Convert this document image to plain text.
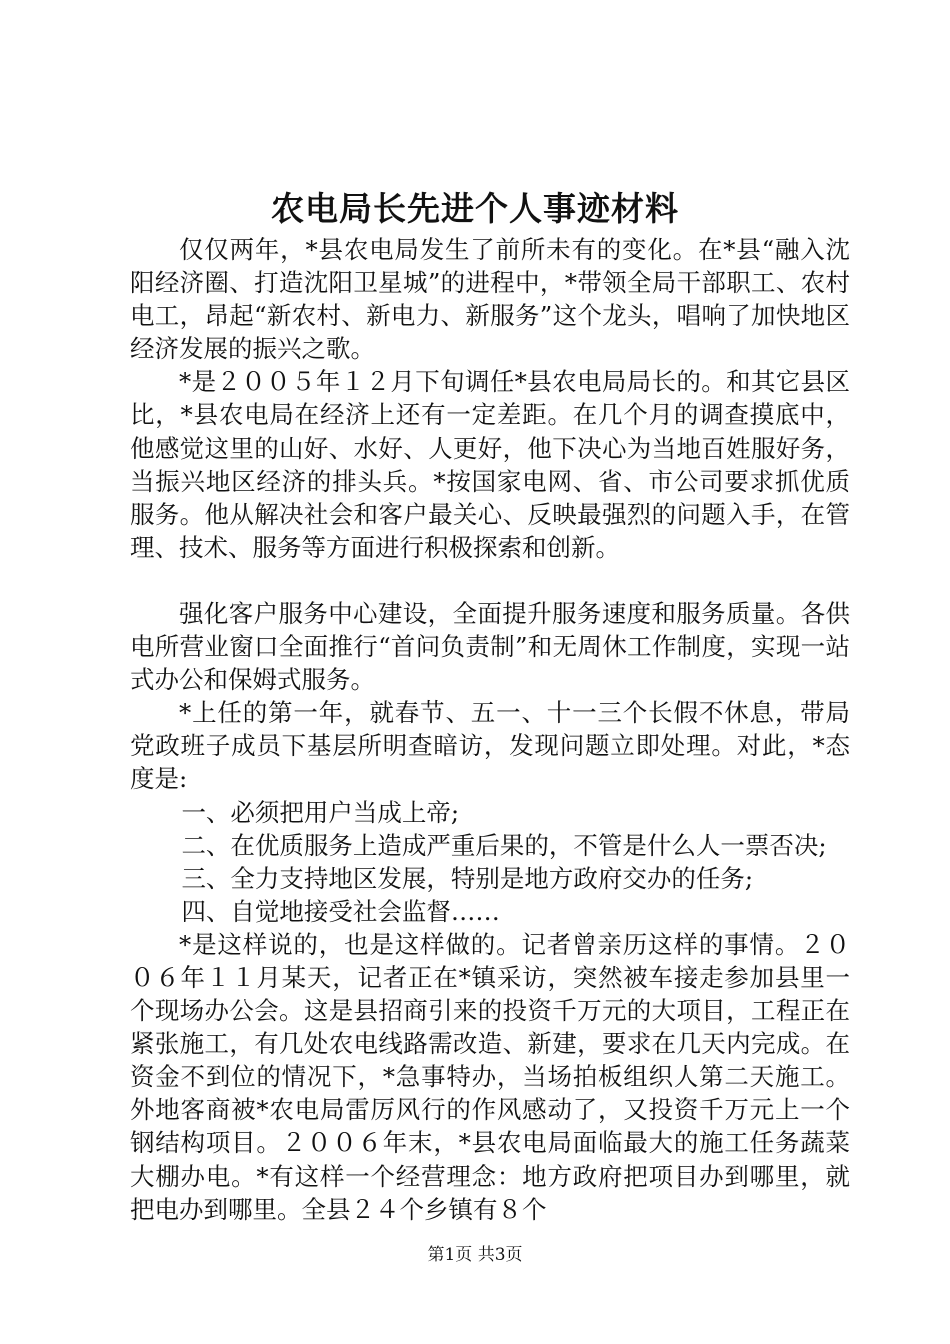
农电局长先进个人事迹材料

仅仅两年，*县农电局发生了前所未有的变化。在*县“融入沈阳经济圈、打造沈阳卫星城”的进程中，*带领全局干部职工、农村电工，昂起“新农村、新电力、新服务”这个龙头，唱响了加快地区经济发展的振兴之歌。

*是２００５年１２月下旬调任*县农电局局长的。和其它县区比，*县农电局在经济上还有一定差距。在几个月的调查摸底中，他感觉这里的山好、水好、人更好，他下决心为当地百姓服好务，当振兴地区经济的排头兵。*按国家电网、省、市公司要求抓优质服务。他从解决社会和客户最关心、反映最强烈的问题入手，在管理、技术、服务等方面进行积极探索和创新。

强化客户服务中心建设，全面提升服务速度和服务质量。各供电所营业窗口全面推行“首问负责制”和无周休工作制度，实现一站式办公和保姆式服务。

*上任的第一年，就春节、五一、十一三个长假不休息，带局党政班子成员下基层所明查暗访，发现问题立即处理。对此，*态度是:

一、必须把用户当成上帝;

二、在优质服务上造成严重后果的，不管是什么人一票否决;

三、全力支持地区发展，特别是地方政府交办的任务;

四、自觉地接受社会监督……

*是这样说的，也是这样做的。记者曾亲历这样的事情。２００６年１１月某天，记者正在*镇采访，突然被车接走参加县里一个现场办公会。这是县招商引来的投资千万元的大项目，工程正在紧张施工，有几处农电线路需改造、新建，要求在几天内完成。在资金不到位的情况下，*急事特办，当场拍板组织人第二天施工。外地客商被*农电局雷厉风行的作风感动了，又投资千万元上一个钢结构项目。２００６年末，*县农电局面临最大的施工任务蔬菜大棚办电。*有这样一个经营理念：地方政府把项目办到哪里，就把电办到哪里。全县２４个乡镇有８个

第1页 共3页
